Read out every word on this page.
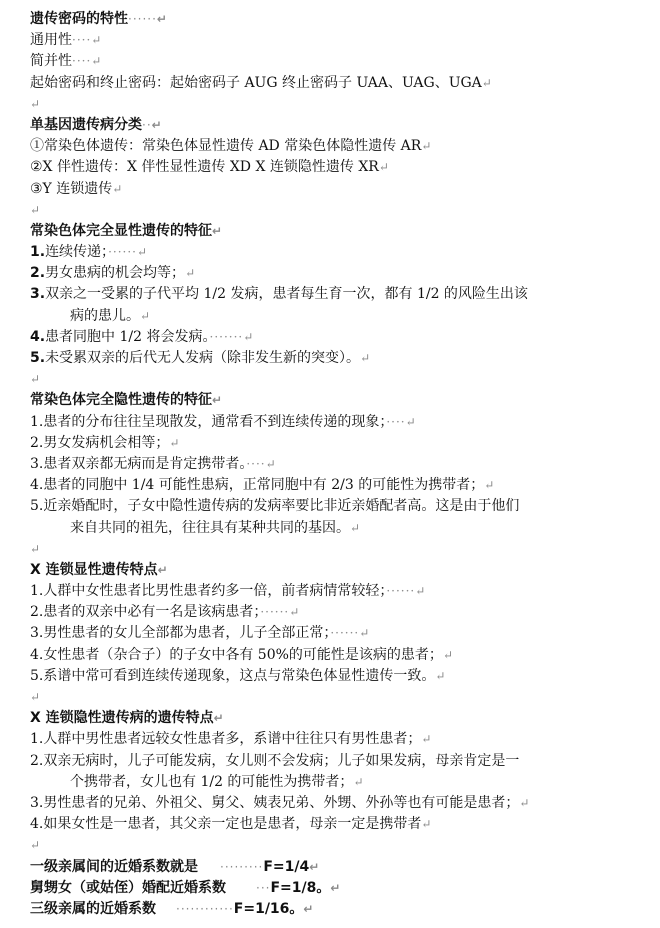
遗传密码的特性······↵
通用性····↵
简并性····↵
起始密码和终止密码：起始密码子 AUG 终止密码子 UAA、UAG、UGA↵
↵
单基因遗传病分类··↵
①常染色体遗传：常染色体显性遗传 AD 常染色体隐性遗传 AR↵
②X 伴性遗传：X 伴性显性遗传 XD X 连锁隐性遗传 XR↵
③Y 连锁遗传↵
↵
常染色体完全显性遗传的特征↵
1.连续传递；······↵
2.男女患病的机会均等；↵
3.双亲之一受累的子代平均 1/2 发病，患者每生育一次，都有 1/2 的风险生出该
病的患儿。↵
4.患者同胞中 1/2 将会发病。·······↵
5.未受累双亲的后代无人发病（除非发生新的突变）。↵
↵
常染色体完全隐性遗传的特征↵
1.患者的分布往往呈现散发，通常看不到连续传递的现象；····↵
2.男女发病机会相等；↵
3.患者双亲都无病而是肯定携带者。····↵
4.患者的同胞中 1/4 可能性患病，正常同胞中有 2/3 的可能性为携带者；↵
5.近亲婚配时，子女中隐性遗传病的发病率要比非近亲婚配者高。这是由于他们
来自共同的祖先，往往具有某种共同的基因。↵
↵
X 连锁显性遗传特点↵
1.人群中女性患者比男性患者约多一倍，前者病情常较轻；······↵
2.患者的双亲中必有一名是该病患者；······↵
3.男性患者的女儿全部都为患者，儿子全部正常；······↵
4.女性患者（杂合子）的子女中各有 50%的可能性是该病的患者；↵
5.系谱中常可看到连续传递现象，这点与常染色体显性遗传一致。↵
↵
X 连锁隐性遗传病的遗传特点↵
1.人群中男性患者远较女性患者多，系谱中往往只有男性患者；↵
2.双亲无病时，儿子可能发病，女儿则不会发病；儿子如果发病，母亲肯定是一
个携带者，女儿也有 1/2 的可能性为携带者；↵
3.男性患者的兄弟、外祖父、舅父、姨表兄弟、外甥、外孙等也有可能是患者；↵
4.如果女性是一患者，其父亲一定也是患者，母亲一定是携带者↵
↵
一级亲属间的近婚系数就是 ·········F=1/4↵
舅甥女（或姑侄）婚配近婚系数	···F=1/8。↵
三级亲属的近婚系数 ············F=1/16。↵
